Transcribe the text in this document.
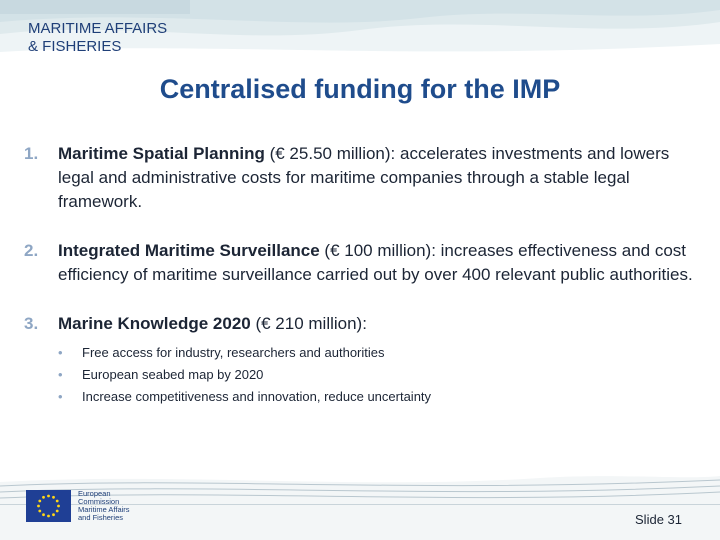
MARITIME AFFAIRS
& FISHERIES
Centralised funding for the IMP
1.	Maritime Spatial Planning (€ 25.50 million): accelerates investments and lowers legal and administrative costs for maritime companies through a stable legal framework.
2.	Integrated Maritime Surveillance (€ 100 million): increases effectiveness and cost efficiency of maritime surveillance carried out by over 400 relevant public authorities.
3.	Marine Knowledge 2020 (€ 210 million):
•	Free access for industry, researchers and authorities
•	European seabed map by 2020
•	Increase competitiveness and innovation, reduce uncertainty
European
Commission
Maritime Affairs
and Fisheries	Slide 31
